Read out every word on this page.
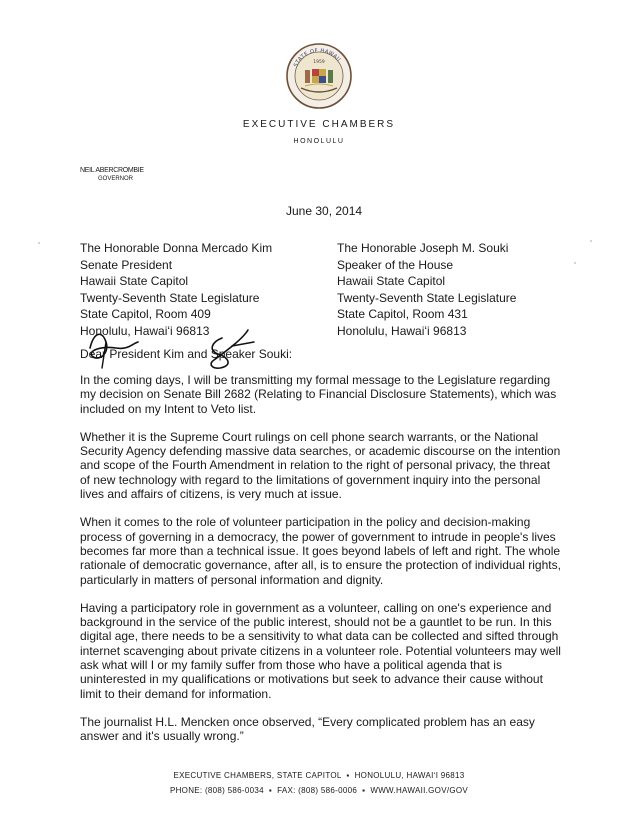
STATE OF HAWAII
1959
EXECUTIVE CHAMBERS
HONOLULU
NEIL ABERCROMBIE
GOVERNOR
June 30, 2014
The Honorable Donna Mercado Kim
Senate President
Hawaii State Capitol
Twenty-Seventh State Legislature
State Capitol, Room 409
Honolulu, Hawaiʻi 96813
The Honorable Joseph M. Souki
Speaker of the House
Hawaii State Capitol
Twenty-Seventh State Legislature
State Capitol, Room 431
Honolulu, Hawaiʻi 96813
Dear President Kim and Speaker Souki:

In the coming days, I will be transmitting my formal message to the Legislature regarding my decision on Senate Bill 2682 (Relating to Financial Disclosure Statements), which was included on my Intent to Veto list.

Whether it is the Supreme Court rulings on cell phone search warrants, or the National Security Agency defending massive data searches, or academic discourse on the intention and scope of the Fourth Amendment in relation to the right of personal privacy, the threat of new technology with regard to the limitations of government inquiry into the personal lives and affairs of citizens, is very much at issue.

When it comes to the role of volunteer participation in the policy and decision-making process of governing in a democracy, the power of government to intrude in people's lives becomes far more than a technical issue. It goes beyond labels of left and right. The whole rationale of democratic governance, after all, is to ensure the protection of individual rights, particularly in matters of personal information and dignity.

Having a participatory role in government as a volunteer, calling on one's experience and background in the service of the public interest, should not be a gauntlet to be run. In this digital age, there needs to be a sensitivity to what data can be collected and sifted through internet scavenging about private citizens in a volunteer role. Potential volunteers may well ask what will I or my family suffer from those who have a political agenda that is uninterested in my qualifications or motivations but seek to advance their cause without limit to their demand for information.

The journalist H.L. Mencken once observed, “Every complicated problem has an easy answer and it's usually wrong.”

EXECUTIVE CHAMBERS, STATE CAPITOL  ▪  HONOLULU, HAWAIʻI 96813
PHONE: (808) 586-0034  ▪  FAX: (808) 586-0006  ▪  WWW.HAWAII.GOV/GOV
